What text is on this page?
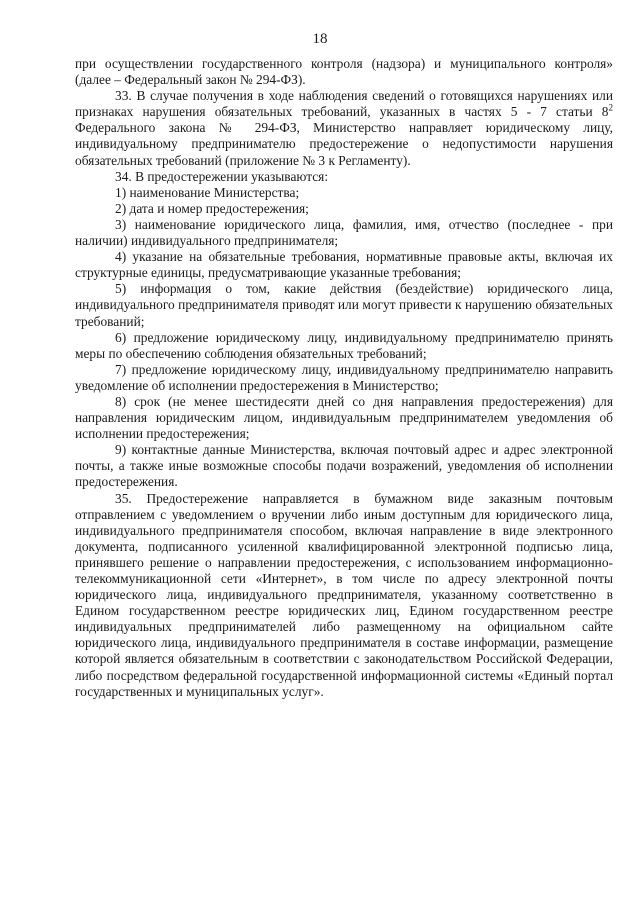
18

при осуществлении государственного контроля (надзора) и муниципального контроля» (далее – Федеральный закон № 294-ФЗ).

33. В случае получения в ходе наблюдения сведений о готовящихся нарушениях или признаках нарушения обязательных требований, указанных в частях 5 - 7 статьи $8^2$ Федерального закона № 294-ФЗ, Министерство направляет юридическому лицу, индивидуальному предпринимателю предостережение о недопустимости нарушения обязательных требований (приложение № 3 к Регламенту).

34. В предостережении указываются:

1) наименование Министерства;

2) дата и номер предостережения;

3) наименование юридического лица, фамилия, имя, отчество (последнее - при наличии) индивидуального предпринимателя;

4) указание на обязательные требования, нормативные правовые акты, включая их структурные единицы, предусматривающие указанные требования;

5) информация о том, какие действия (бездействие) юридического лица, индивидуального предпринимателя приводят или могут привести к нарушению обязательных требований;

6) предложение юридическому лицу, индивидуальному предпринимателю принять меры по обеспечению соблюдения обязательных требований;

7) предложение юридическому лицу, индивидуальному предпринимателю направить уведомление об исполнении предостережения в Министерство;

8) срок (не менее шестидесяти дней со дня направления предостережения) для направления юридическим лицом, индивидуальным предпринимателем уведомления об исполнении предостережения;

9) контактные данные Министерства, включая почтовый адрес и адрес электронной почты, а также иные возможные способы подачи возражений, уведомления об исполнении предостережения.

35. Предостережение направляется в бумажном виде заказным почтовым отправлением с уведомлением о вручении либо иным доступным для юридического лица, индивидуального предпринимателя способом, включая направление в виде электронного документа, подписанного усиленной квалифицированной электронной подписью лица, принявшего решение о направлении предостережения, с использованием информационно-телекоммуникационной сети «Интернет», в том числе по адресу электронной почты юридического лица, индивидуального предпринимателя, указанному соответственно в Едином государственном реестре юридических лиц, Едином государственном реестре индивидуальных предпринимателей либо размещенному на официальном сайте юридического лица, индивидуального предпринимателя в составе информации, размещение которой является обязательным в соответствии с законодательством Российской Федерации, либо посредством федеральной государственной информационной системы «Единый портал государственных и муниципальных услуг».
